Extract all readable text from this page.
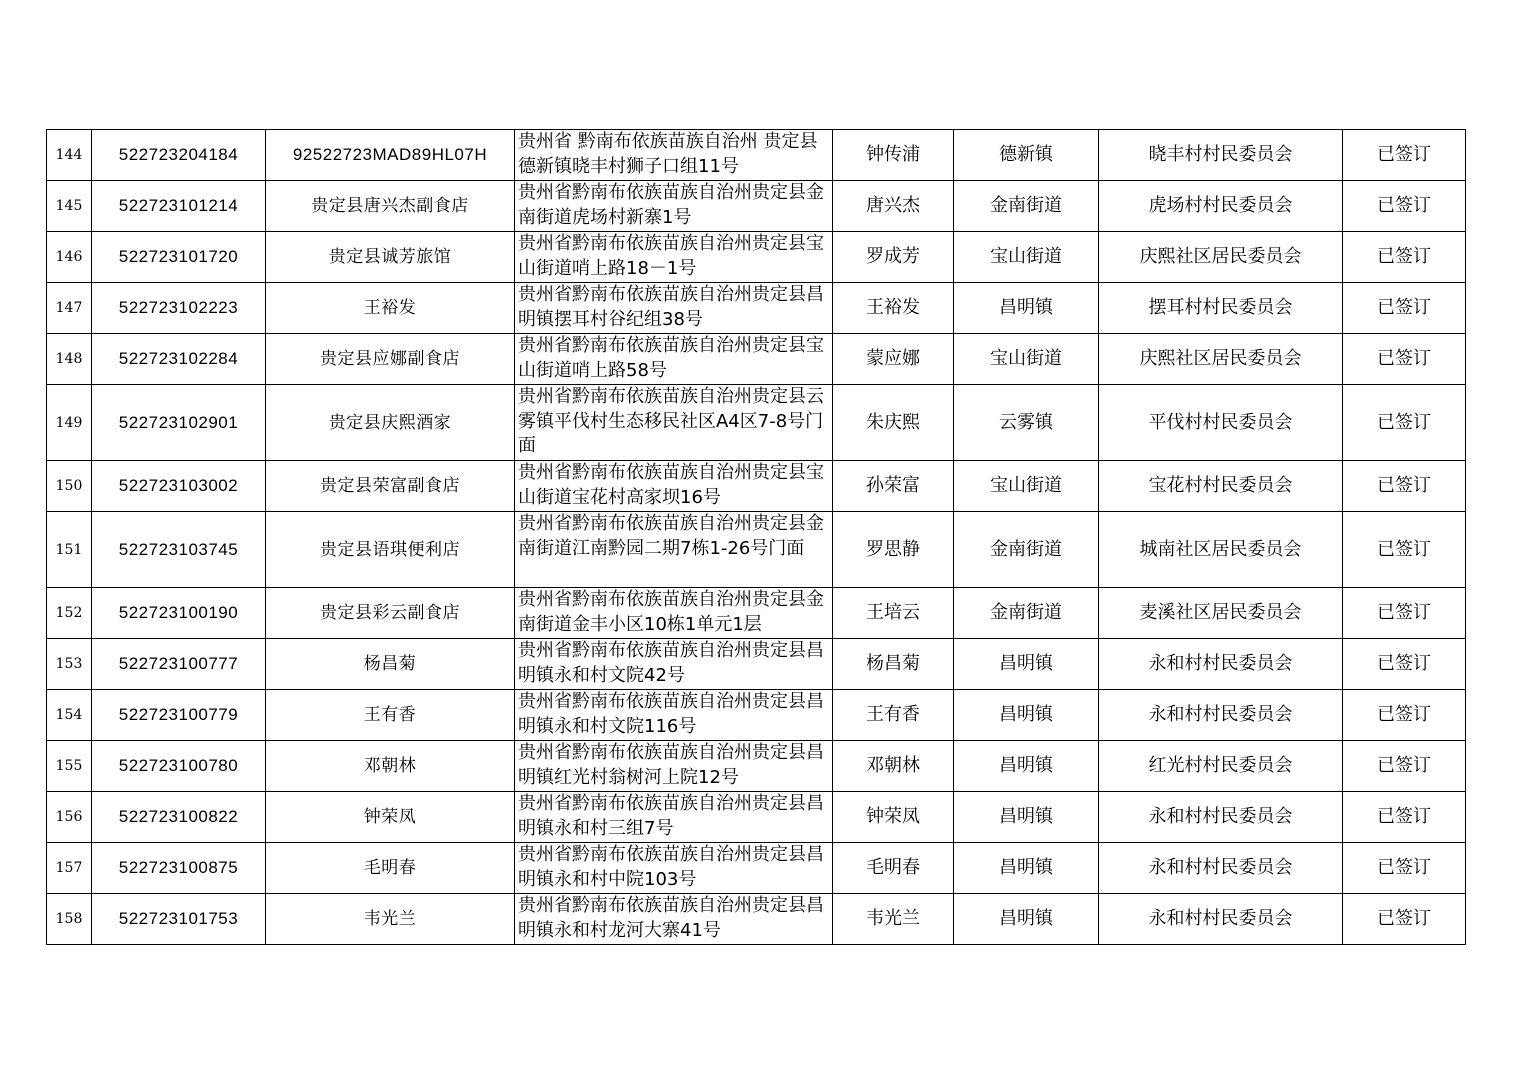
144	522723204184	92522723MAD89HL07H	贵州省 黔南布依族苗族自治州 贵定县德新镇晓丰村狮子口组11号	钟传浦	德新镇	晓丰村村民委员会	已签订
145	522723101214	贵定县唐兴杰副食店	贵州省黔南布依族苗族自治州贵定县金南街道虎场村新寨1号	唐兴杰	金南街道	虎场村村民委员会	已签订
146	522723101720	贵定县诚芳旅馆	贵州省黔南布依族苗族自治州贵定县宝山街道哨上路18－1号	罗成芳	宝山街道	庆熙社区居民委员会	已签订
147	522723102223	王裕发	贵州省黔南布依族苗族自治州贵定县昌明镇摆耳村谷纪组38号	王裕发	昌明镇	摆耳村村民委员会	已签订
148	522723102284	贵定县应娜副食店	贵州省黔南布依族苗族自治州贵定县宝山街道哨上路58号	蒙应娜	宝山街道	庆熙社区居民委员会	已签订
149	522723102901	贵定县庆熙酒家	贵州省黔南布依族苗族自治州贵定县云雾镇平伐村生态移民社区A4区7-8号门面	朱庆熙	云雾镇	平伐村村民委员会	已签订
150	522723103002	贵定县荣富副食店	贵州省黔南布依族苗族自治州贵定县宝山街道宝花村高家坝16号	孙荣富	宝山街道	宝花村村民委员会	已签订
151	522723103745	贵定县语琪便利店	贵州省黔南布依族苗族自治州贵定县金南街道江南黔园二期7栋1-26号门面	罗思静	金南街道	城南社区居民委员会	已签订
152	522723100190	贵定县彩云副食店	贵州省黔南布依族苗族自治州贵定县金南街道金丰小区10栋1单元1层	王培云	金南街道	麦溪社区居民委员会	已签订
153	522723100777	杨昌菊	贵州省黔南布依族苗族自治州贵定县昌明镇永和村文院42号	杨昌菊	昌明镇	永和村村民委员会	已签订
154	522723100779	王有香	贵州省黔南布依族苗族自治州贵定县昌明镇永和村文院116号	王有香	昌明镇	永和村村民委员会	已签订
155	522723100780	邓朝林	贵州省黔南布依族苗族自治州贵定县昌明镇红光村翁树河上院12号	邓朝林	昌明镇	红光村村民委员会	已签订
156	522723100822	钟荣凤	贵州省黔南布依族苗族自治州贵定县昌明镇永和村三组7号	钟荣凤	昌明镇	永和村村民委员会	已签订
157	522723100875	毛明春	贵州省黔南布依族苗族自治州贵定县昌明镇永和村中院103号	毛明春	昌明镇	永和村村民委员会	已签订
158	522723101753	韦光兰	贵州省黔南布依族苗族自治州贵定县昌明镇永和村龙河大寨41号	韦光兰	昌明镇	永和村村民委员会	已签订
